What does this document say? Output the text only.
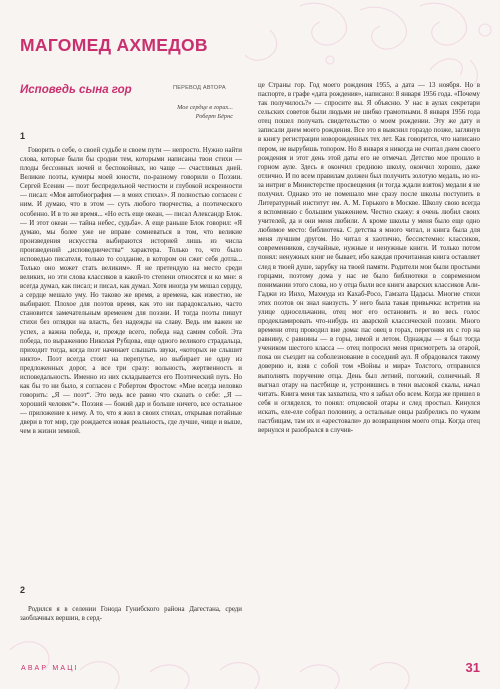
МАГОМЕД АХМЕДОВ
Исповедь сына гор	ПЕРЕВОД АВТОРА
Мое сердце в горах...
Роберт Бёрнс
1

Говорить о себе, о своей судьбе и своем пути — непросто. Нужно найти слова, которые были бы сродни тем, которыми написаны твои стихи — плоды бессонных ночей и беспокойных, но чаще — счастливых дней. Великие поэты, кумиры моей юности, по-разному говорили о Поэзии. Сергей Есенин — поэт беспредельной честности и глубокой искренности — писал: «Моя автобиография — в моих стихах». Я полностью согласен с ним. И думаю, что в этом — суть любого творчества, а поэтического особенно. И в то же время... «Но есть еще океан, — писал Александр Блок. — И этот океан — тайна небес, судьба». А еще раньше Блок говорил: «Я думаю, мы более уже не вправе сомневаться в том, что великие произведения искусства выбираются историей лишь из числа произведений „исповедничества“ характера. Только то, что было исповедью писателя, только то создание, в котором он сжег себя дотла... Только оно может стать великим». Я не претендую на место среди великих, но эти слова классиков в какой-то степени относятся и ко мне: я всегда думал, как писал; и писал, как думал. Хотя иногда ум мешал сердцу, а сердце мешало уму. Но таково же время, а времена, как известно, не выбирают. Плохое для поэтов время, как это ни парадоксально, часто становится замечательным временем для поэзии. И тогда поэты пишут стихи без оглядки на власть, без надежды на славу. Ведь им важен не успех, а важна победа, и, прежде всего, победа над самим собой. Эта победа, по выражению Николая Рубцова, еще одного великого страдальца, приходит тогда, когда поэт начинает слышать звуки, «которых не слышит никто». Поэт всегда стоит на перепутье, но выбирает не одну из предложенных дорог, а все три сразу: вольность, жертвенность и исповедальность. Именно из них складывается его Поэтический путь. Но как бы то ни было, я согласен с Робертом Фростом: «Мне всегда неловко говорить: „Я — поэт“. Это ведь все равно что сказать о себе: „Я — хороший человек“». Поэзия — божий дар и больше ничего, все остальное — приложение к нему. А то, что я жил в своих стихах, открывая потайные двери в тот мир, где рождается новая реальность, где лучше, чище и выше, чем в жизни земной.

2

Родился я в селении Гонода Гунибского района Дагестана, среди заоблачных вершин, в серд-

це Страны гор. Год моего рождения 1955, а дата — 13 ноября. Но в паспорте, в графе «дата рождения», написано: 8 января 1956 года. «Почему так получилось?» — спросите вы. Я объясню. У нас в аулах секретари сельских советов были людьми не шибко грамотными. 8 января 1956 года отец пошел получать свидетельство о моем рождении. Эту же дату и записали днем моего рождения. Все это я выяснил гораздо позже, заглянув в книгу регистрации новорожденных тех лет. Как говорится, что написано пером, не вырубишь топором. Но 8 января я никогда не считал днем своего рождения и этот день этой даты его не отмечал. Детство мое прошло в горном ауле. Здесь я окончил среднюю школу, окончил хорошо, даже отлично. И по всем правилам должен был получить золотую медаль, но из-за интриг в Министерстве просвещения (и тогда ждали взяток) медали я не получил. Однако это не помешало мне сразу после школы поступить в Литературный институт им. А. М. Горького в Москве. Школу свою всегда я вспоминаю с большим уважением. Честно скажу: я очень любил своих учителей, да и они меня любили. А кроме школы у меня было еще одно любимое место: библиотека. С детства я много читал, и книга была для меня лучшим другом. Но читал я хаотично, бессистемно: классиков, современников, случайные, нужные и ненужные книги. И только потом понял: ненужных книг не бывает, ибо каждая прочитанная книга оставляет след в твоей душе, зарубку на твоей памяти. Родители мои были простыми горцами, поэтому дома у нас не было библиотеки в современном понимании этого слова, но у отца были все книги аварских классиков Али-Гаджи из Инхо, Махмуда из Кахаб-Росо, Гамзата Цадасы. Многие стихи этих поэтов он знал наизусть. У него была такая привычка: встретив на улице односельчанин, отец мог его остановить и во весь голос продекламировать что-нибудь из аварской классической поэзии. Много времени отец проводил вне дома: пас овец в горах, перегоняя их с гор на равнину, с равнины — в горы, зимой и летом. Однажды — я был тогда учеником шестого класса — отец попросил меня присмотреть за отарой, пока он съездит на соболезнование в соседний аул. Я обрадовался такому доверию и, взяв с собой том «Войны и мира» Толстого, отправился выполнять поручение отца. День был летний, погожий, солнечный. Я выгнал отару на пастбище и, устроившись в тени высокой скалы, начал читать. Книга меня так захватила, что я забыл обо всем. Когда же пришел в себя и огляделся, то понял: отцовской отары и след простыл. Кинулся искать, еле-еле собрал половину, а остальные овцы разбрелись по чужим пастбищам, там их и «арестовали» до возвращения моего отца. Когда отец вернулся и разобрался в случив-

АВАР МАЦI	31
